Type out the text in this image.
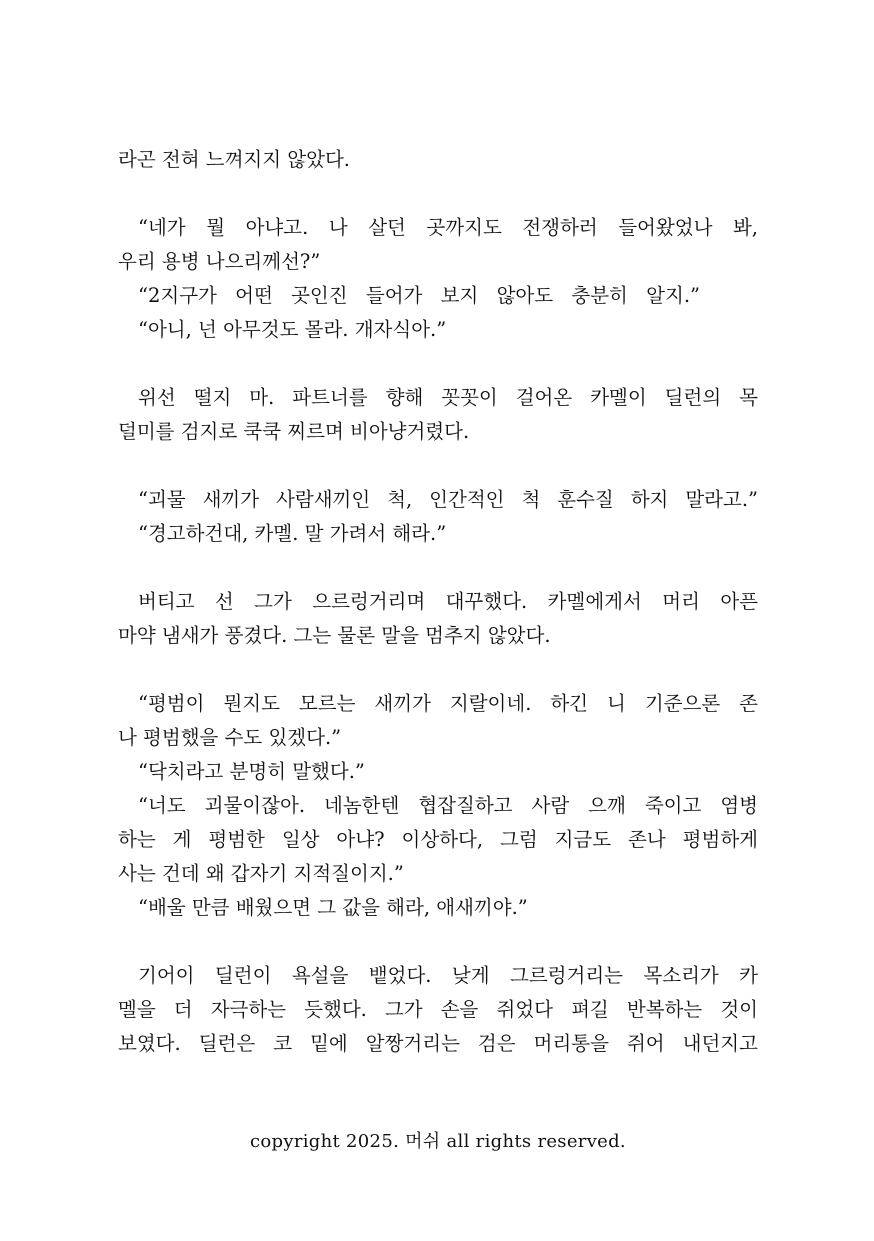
라곤 전혀 느껴지지 않았다.
“네가 뭘 아냐고. 나 살던 곳까지도 전쟁하러 들어왔었나 봐,
우리 용병 나으리께선?”
“2지구가 어떤 곳인진 들어가 보지 않아도 충분히 알지.”
“아니, 넌 아무것도 몰라. 개자식아.”
위선 떨지 마. 파트너를 향해 꼿꼿이 걸어온 카멜이 딜런의 목
덜미를 검지로 쿡쿡 찌르며 비아냥거렸다.
“괴물 새끼가 사람새끼인 척, 인간적인 척 훈수질 하지 말라고.”
“경고하건대, 카멜. 말 가려서 해라.”
버티고 선 그가 으르렁거리며 대꾸했다. 카멜에게서 머리 아픈
마약 냄새가 풍겼다. 그는 물론 말을 멈추지 않았다.
“평범이 뭔지도 모르는 새끼가 지랄이네. 하긴 니 기준으론 존
나 평범했을 수도 있겠다.”
“닥치라고 분명히 말했다.”
“너도 괴물이잖아. 네놈한텐 협잡질하고 사람 으깨 죽이고 염병
하는 게 평범한 일상 아냐? 이상하다, 그럼 지금도 존나 평범하게
사는 건데 왜 갑자기 지적질이지.”
“배울 만큼 배웠으면 그 값을 해라, 애새끼야.”
기어이 딜런이 욕설을 뱉었다. 낮게 그르렁거리는 목소리가 카
멜을 더 자극하는 듯했다. 그가 손을 쥐었다 펴길 반복하는 것이
보였다. 딜런은 코 밑에 알짱거리는 검은 머리통을 쥐어 내던지고
copyright 2025. 머쉬 all rights reserved.
